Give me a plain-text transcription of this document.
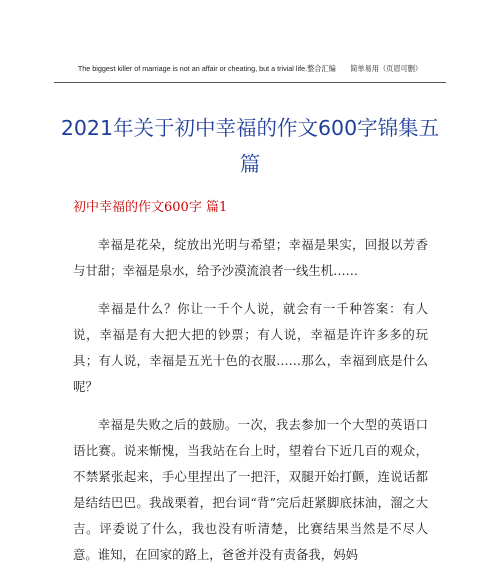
The biggest killer of marriage is not an affair or cheating, but a trivial life.整合汇编　　简单易用（页眉可删）
2021年关于初中幸福的作文600字锦集五篇
初中幸福的作文600字 篇1

幸福是花朵，绽放出光明与希望；幸福是果实，回报以芳香与甘甜；幸福是泉水，给予沙漠流浪者一线生机……

幸福是什么？你让一千个人说，就会有一千种答案：有人说，幸福是有大把大把的钞票；有人说，幸福是许许多多的玩具；有人说，幸福是五光十色的衣服……那么，幸福到底是什么呢？

幸福是失败之后的鼓励。一次，我去参加一个大型的英语口语比赛。说来惭愧，当我站在台上时，望着台下近几百的观众，不禁紧张起来，手心里捏出了一把汗，双腿开始打颤，连说话都是结结巴巴。我战栗着，把台词“背”完后赶紧脚底抹油，溜之大吉。评委说了什么，我也没有听清楚，比赛结果当然是不尽人意。谁知，在回家的路上，爸爸并没有责备我，妈妈
